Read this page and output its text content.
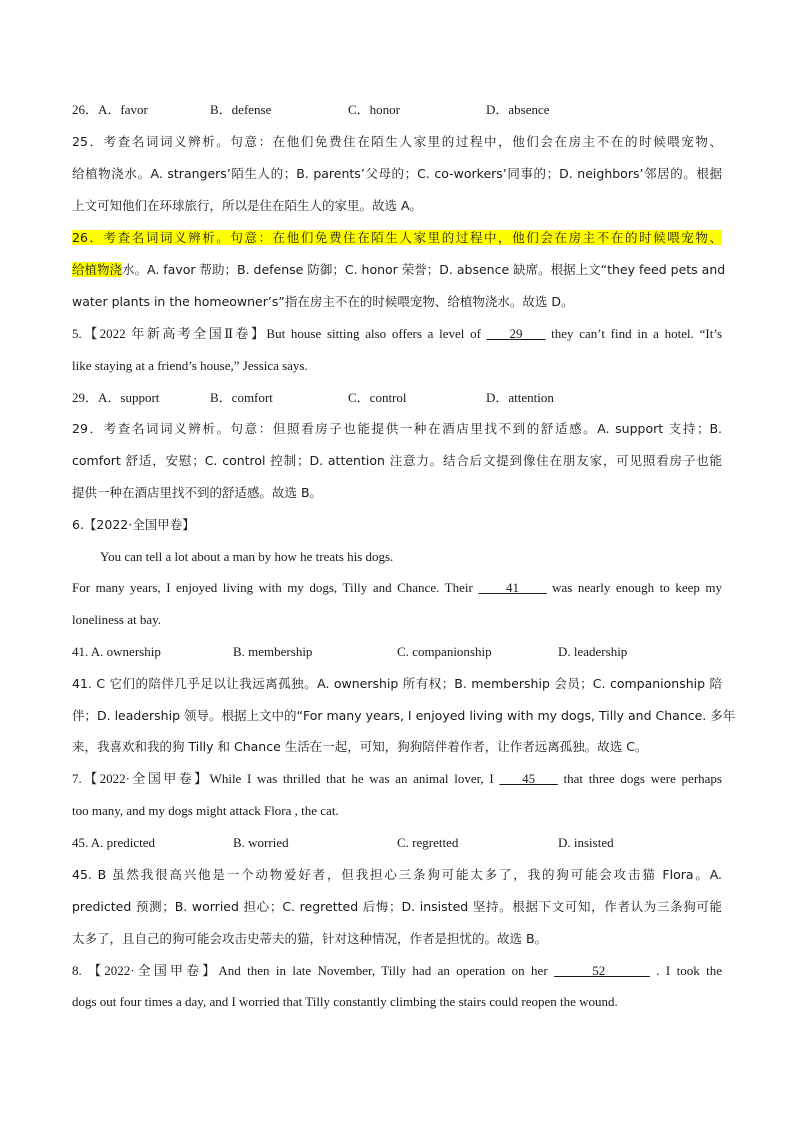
26．A．favor	B．defense	C．honor	D．absence
25．考查名词词义辨析。句意：在他们免费住在陌生人家里的过程中，他们会在房主不在的时候喂宠物、
给植物浇水。A. strangers’陌生人的；B. parents’父母的；C. co-workers’同事的；D. neighbors’邻居的。根据
上文可知他们在环球旅行，所以是住在陌生人的家里。故选 A。
26．考查名词词义辨析。句意：在他们免费住在陌生人家里的过程中，他们会在房主不在的时候喂宠物、
给植物浇水。A. favor 帮助；B. defense 防御；C. honor 荣誉；D. absence 缺席。根据上文“they feed pets and
water plants in the homeowner’s”指在房主不在的时候喂宠物、给植物浇水。故选 D。
5.【2022 年新高考全国Ⅱ卷】But house sitting also offers a level of     29     they can’t find in a hotel. “It’s
like staying at a friend’s house,” Jessica says.
29．A．support	B．comfort	C．control	D．attention
29．考查名词词义辨析。句意：但照看房子也能提供一种在酒店里找不到的舒适感。A. support 支持；B.
comfort 舒适，安慰；C. control 控制；D. attention 注意力。结合后文提到像住在朋友家，可见照看房子也能
提供一种在酒店里找不到的舒适感。故选 B。
6.【2022·全国甲卷】
You can tell a lot about a man by how he treats his dogs.
For many years, I enjoyed living with my dogs, Tilly and Chance. Their      41      was nearly enough to keep my
loneliness at bay.
41. A. ownership	B. membership	C. companionship	D. leadership
41. C 它们的陪伴几乎足以让我远离孤独。A. ownership 所有权；B. membership 会员；C. companionship 陪
伴；D. leadership 领导。根据上文中的“For many years, I enjoyed living with my dogs, Tilly and Chance. 多年
来，我喜欢和我的狗 Tilly 和 Chance 生活在一起，可知，狗狗陪伴着作者，让作者远离孤独。故选 C。
7.【2022·全国甲卷】While I was thrilled that he was an animal lover, I     45     that three dogs were perhaps
too many, and my dogs might attack Flora , the cat.
45. A. predicted	B. worried	C. regretted	D. insisted
45. B 虽然我很高兴他是一个动物爱好者，但我担心三条狗可能太多了，我的狗可能会攻击猫 Flora。A.
predicted 预测；B. worried 担心；C. regretted 后悔；D. insisted 坚持。根据下文可知，作者认为三条狗可能
太多了，且自己的狗可能会攻击史蒂夫的猫，针对这种情况，作者是担忧的。故选 B。
8. 【2022·全国甲卷】And then in late November, Tilly had an operation on her       52        . I took the
dogs out four times a day, and I worried that Tilly constantly climbing the stairs could reopen the wound.
